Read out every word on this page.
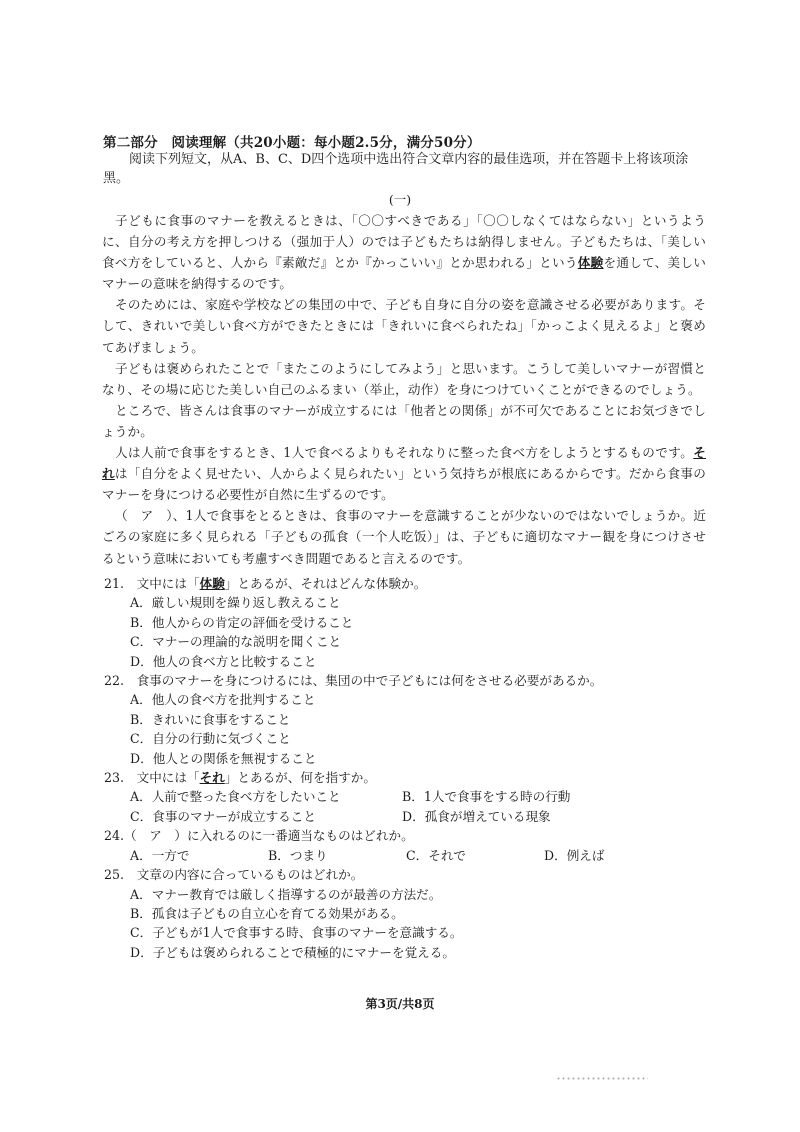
第二部分　阅读理解（共20小题：每小题2.5分，满分50分）
阅读下列短文，从A、B、C、D四个选项中选出符合文章内容的最佳选项，并在答题卡上将该项涂黑。
(一)

子どもに食事のマナーを教えるときは、「〇〇すべきである」「〇〇しなくてはならない」というように、自分の考え方を押しつける（强加于人）のでは子どもたちは納得しません。子どもたちは、「美しい食べ方をしていると、人から『素敵だ』とか『かっこいい』とか思われる」という体験を通して、美しいマナーの意味を納得するのです。

そのためには、家庭や学校などの集団の中で、子ども自身に自分の姿を意識させる必要があります。そして、きれいで美しい食べ方ができたときには「きれいに食べられたね」「かっこよく見えるよ」と褒めてあげましょう。

子どもは褒められたことで「またこのようにしてみよう」と思います。こうして美しいマナーが習慣となり、その場に応じた美しい自己のふるまい（举止，动作）を身につけていくことができるのでしょう。

ところで、皆さんは食事のマナーが成立するには「他者との関係」が不可欠であることにお気づきでしょうか。

人は人前で食事をするとき、1人で食べるよりもそれなりに整った食べ方をしようとするものです。それは「自分をよく見せたい、人からよく見られたい」という気持ちが根底にあるからです。だから食事のマナーを身につける必要性が自然に生ずるのです。

（　ア　）、1人で食事をとるときは、食事のマナーを意識することが少ないのではないでしょうか。近ごろの家庭に多く見られる「子どもの孤食（一个人吃饭）」は、子どもに適切なマナー観を身につけさせるという意味においても考慮すべき問題であると言えるのです。

21.　文中には「体験」とあるが、それはどんな体験か。
A．厳しい規則を繰り返し教えること
B．他人からの肯定の評価を受けること
C．マナーの理論的な説明を聞くこと
D．他人の食べ方と比較すること
22.　食事のマナーを身につけるには、集団の中で子どもには何をさせる必要があるか。
A．他人の食べ方を批判すること
B．きれいに食事をすること
C．自分の行動に気づくこと
D．他人との関係を無視すること
23.　文中には「それ」とあるが、何を指すか。
A．人前で整った食べ方をしたいこと	B．1人で食事をする時の行動
C．食事のマナーが成立すること	D．孤食が増えている現象
24.（　ア　）に入れるのに一番適当なものはどれか。
A．一方で	B．つまり	C．それで	D．例えば
25.　文章の内容に合っているものはどれか。
A．マナー教育では厳しく指導するのが最善の方法だ。
B．孤食は子どもの自立心を育てる効果がある。
C．子どもが1人で食事する時、食事のマナーを意識する。
D．子どもは褒められることで積極的にマナーを覚える。
第3页/共8页
